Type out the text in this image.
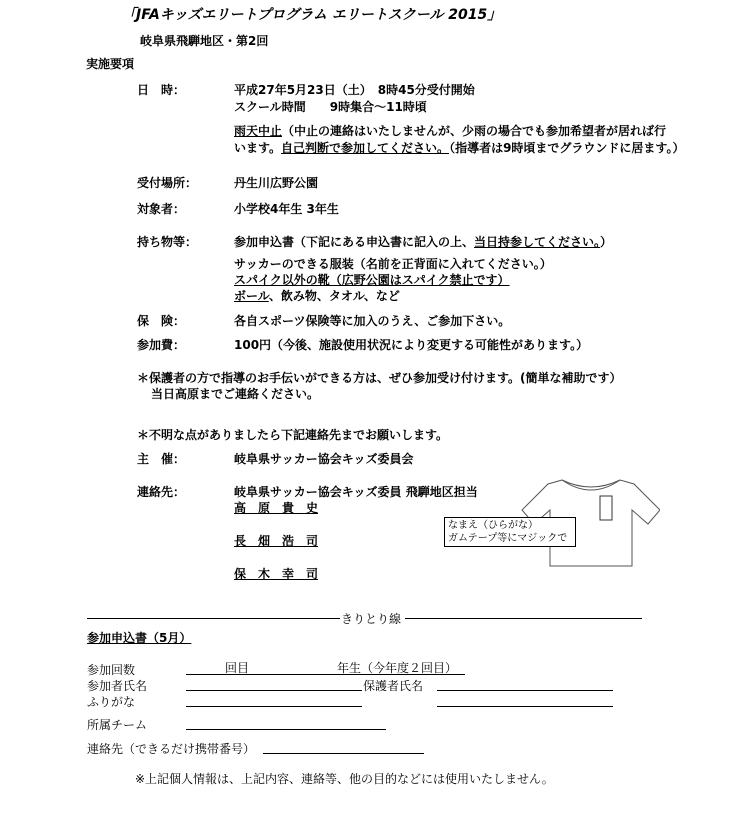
「JFAキッズエリートプログラム エリートスクール 2015」
岐阜県飛騨地区・第2回
実施要項
日　時：	平成27年5月23日（土）　8時45分受付開始
スクール時間　　9時集合～11時頃
雨天中止（中止の連絡はいたしませんが、少雨の場合でも参加希望者が居れば行
います。自己判断で参加してください。（指導者は9時頃までグラウンドに居ます。）
受付場所：	丹生川広野公園
対象者：	小学校4年生 3年生
持ち物等：	参加申込書（下記にある申込書に記入の上、当日持参してください。）
サッカーのできる服装（名前を正背面に入れてください。）
スパイク以外の靴（広野公園はスパイク禁止です）
ボール、飲み物、タオル、など
保　険：	各自スポーツ保険等に加入のうえ、ご参加下さい。
参加費：	100円（今後、施設使用状況により変更する可能性があります。）
＊保護者の方で指導のお手伝いができる方は、ぜひ参加受け付けます。(簡単な補助です）
当日高原までご連絡ください。
＊不明な点がありましたら下記連絡先までお願いします。
主　催：	岐阜県サッカー協会キッズ委員会
連絡先：	岐阜県サッカー協会キッズ委員 飛騨地区担当
高　原　貴　史
長　畑　浩　司
保　木　幸　司
なまえ（ひらがな）
ガムテープ等にマジックで
きりとり線
参加申込書（5月）
参加回数	回目	年生（今年度２回目）
参加者氏名	保護者氏名
ふりがな
所属チーム
連絡先（できるだけ携帯番号）
※上記個人情報は、上記内容、連絡等、他の目的などには使用いたしません。
